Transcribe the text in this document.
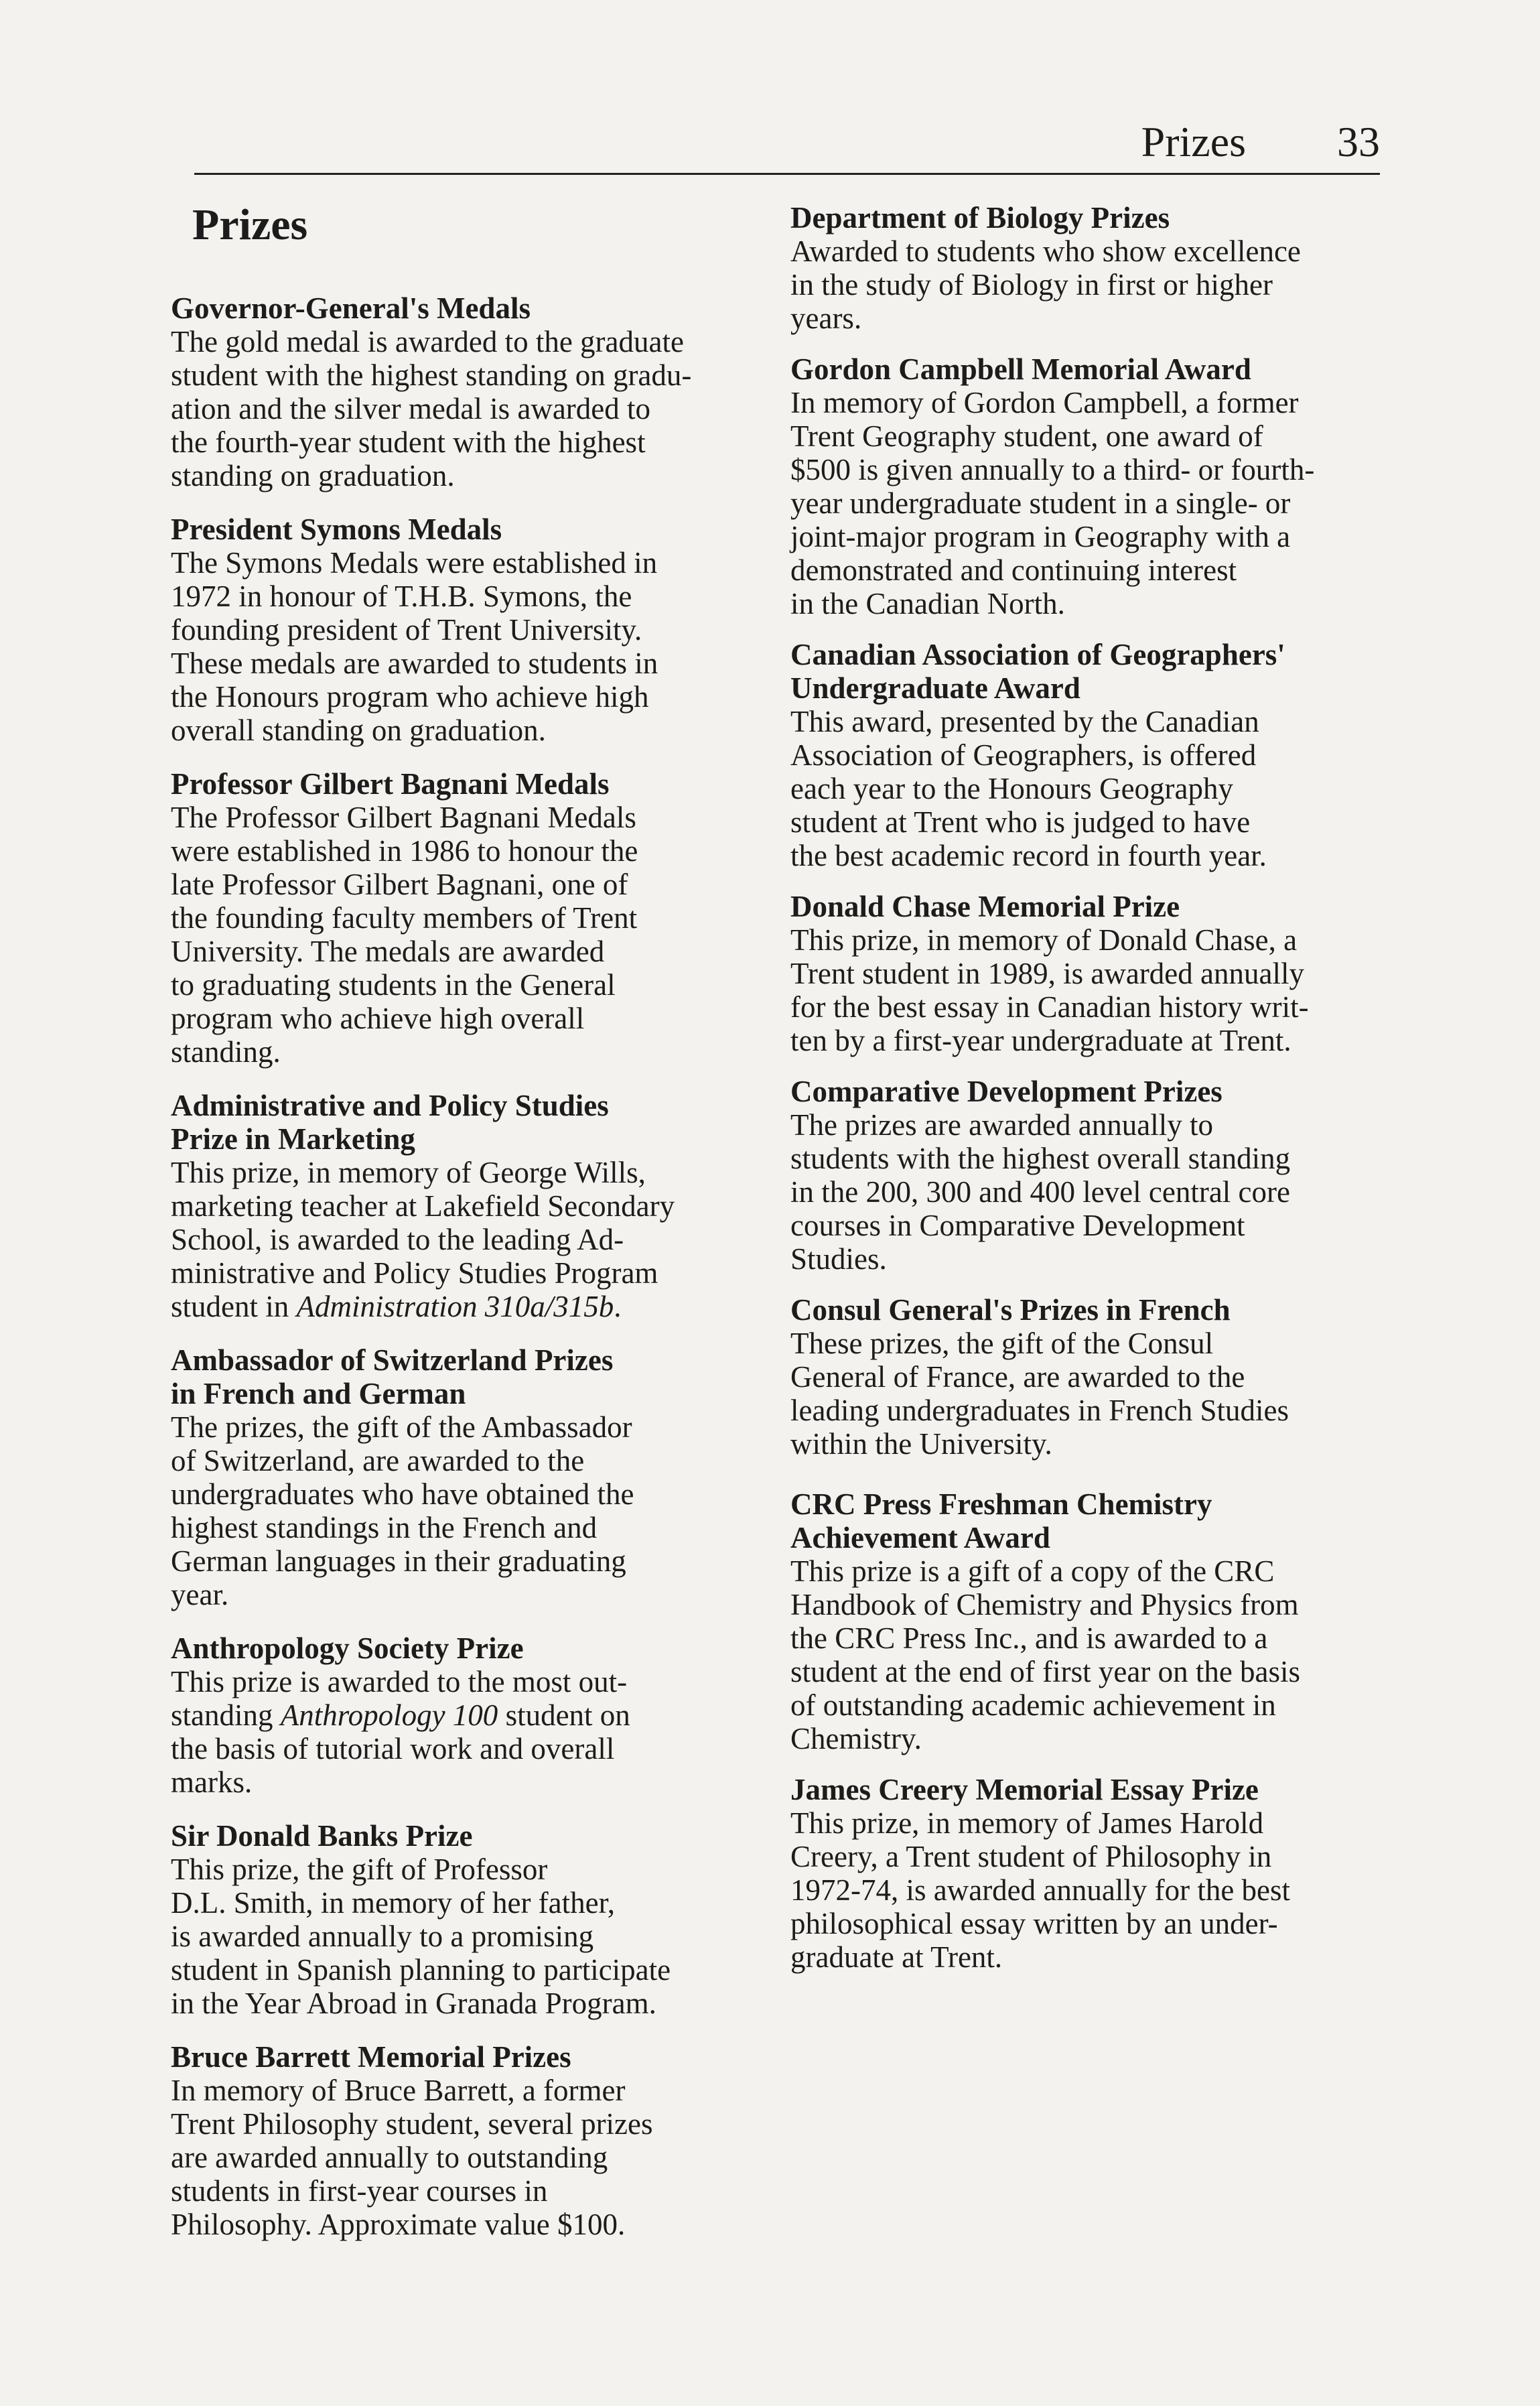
Prizes 33
Prizes

Governor-General's Medals

The gold medal is awarded to the graduate
student with the highest standing on gradu-
ation and the silver medal is awarded to
the fourth-year student with the highest
standing on graduation.

President Symons Medals

The Symons Medals were established in
1972 in honour of T.H.B. Symons, the
founding president of Trent University.
These medals are awarded to students in
the Honours program who achieve high
overall standing on graduation.

Professor Gilbert Bagnani Medals

The Professor Gilbert Bagnani Medals
were established in 1986 to honour the
late Professor Gilbert Bagnani, one of
the founding faculty members of Trent
University. The medals are awarded
to graduating students in the General
program who achieve high overall
standing.

Administrative and Policy Studies
Prize in Marketing

This prize, in memory of George Wills,
marketing teacher at Lakefield Secondary
School, is awarded to the leading Ad-
ministrative and Policy Studies Program
student in Administration 310a/315b.

Ambassador of Switzerland Prizes
in French and German

The prizes, the gift of the Ambassador
of Switzerland, are awarded to the
undergraduates who have obtained the
highest standings in the French and
German languages in their graduating
year.

Anthropology Society Prize

This prize is awarded to the most out-
standing Anthropology 100 student on
the basis of tutorial work and overall
marks.

Sir Donald Banks Prize

This prize, the gift of Professor
D.L. Smith, in memory of her father,
is awarded annually to a promising
student in Spanish planning to participate
in the Year Abroad in Granada Program.

Bruce Barrett Memorial Prizes

In memory of Bruce Barrett, a former
Trent Philosophy student, several prizes
are awarded annually to outstanding
students in first-year courses in
Philosophy. Approximate value $100.

Department of Biology Prizes

Awarded to students who show excellence
in the study of Biology in first or higher
years.

Gordon Campbell Memorial Award

In memory of Gordon Campbell, a former
Trent Geography student, one award of
$500 is given annually to a third- or fourth-
year undergraduate student in a single- or
joint-major program in Geography with a
demonstrated and continuing interest
in the Canadian North.

Canadian Association of Geographers'
Undergraduate Award

This award, presented by the Canadian
Association of Geographers, is offered
each year to the Honours Geography
student at Trent who is judged to have
the best academic record in fourth year.

Donald Chase Memorial Prize

This prize, in memory of Donald Chase, a
Trent student in 1989, is awarded annually
for the best essay in Canadian history writ-
ten by a first-year undergraduate at Trent.

Comparative Development Prizes

The prizes are awarded annually to
students with the highest overall standing
in the 200, 300 and 400 level central core
courses in Comparative Development
Studies.

Consul General's Prizes in French

These prizes, the gift of the Consul
General of France, are awarded to the
leading undergraduates in French Studies
within the University.

CRC Press Freshman Chemistry
Achievement Award

This prize is a gift of a copy of the CRC
Handbook of Chemistry and Physics from
the CRC Press Inc., and is awarded to a
student at the end of first year on the basis
of outstanding academic achievement in
Chemistry.

James Creery Memorial Essay Prize

This prize, in memory of James Harold
Creery, a Trent student of Philosophy in
1972-74, is awarded annually for the best
philosophical essay written by an under-
graduate at Trent.
